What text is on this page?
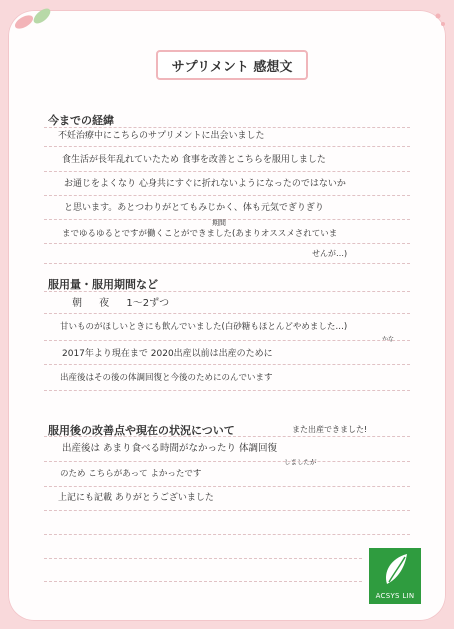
サプリメント 感想文
今までの経緯
不妊治療中にこちらのサプリメントに出会いました
食生活が長年乱れていたため 食事を改善とこちらを服用しました
お通じをよくなり 心身共にすぐに折れないようになったのではないか
と思います。あとつわりがとてもみじかく、体も元気でぎりぎり
期間
までゆるゆるとですが働くことができました(あまりオススメされていま
せんが…)
服用量・服用期間など
朝 夜 1〜2ずつ
甘いものがほしいときにも飲んでいました(白砂糖もほとんどやめました…)
かな
2017年より現在まで 2020出産以前は出産のために
出産後はその後の体調回復と今後のためにのんでいます
服用後の改善点や現在の状況について	また出産できました!
出産後は あまり食べる時間がなかったり 体調回復
しましたが
のため こちらがあって よかったです
上記にも記載 ありがとうございました
ACSYS LIN
